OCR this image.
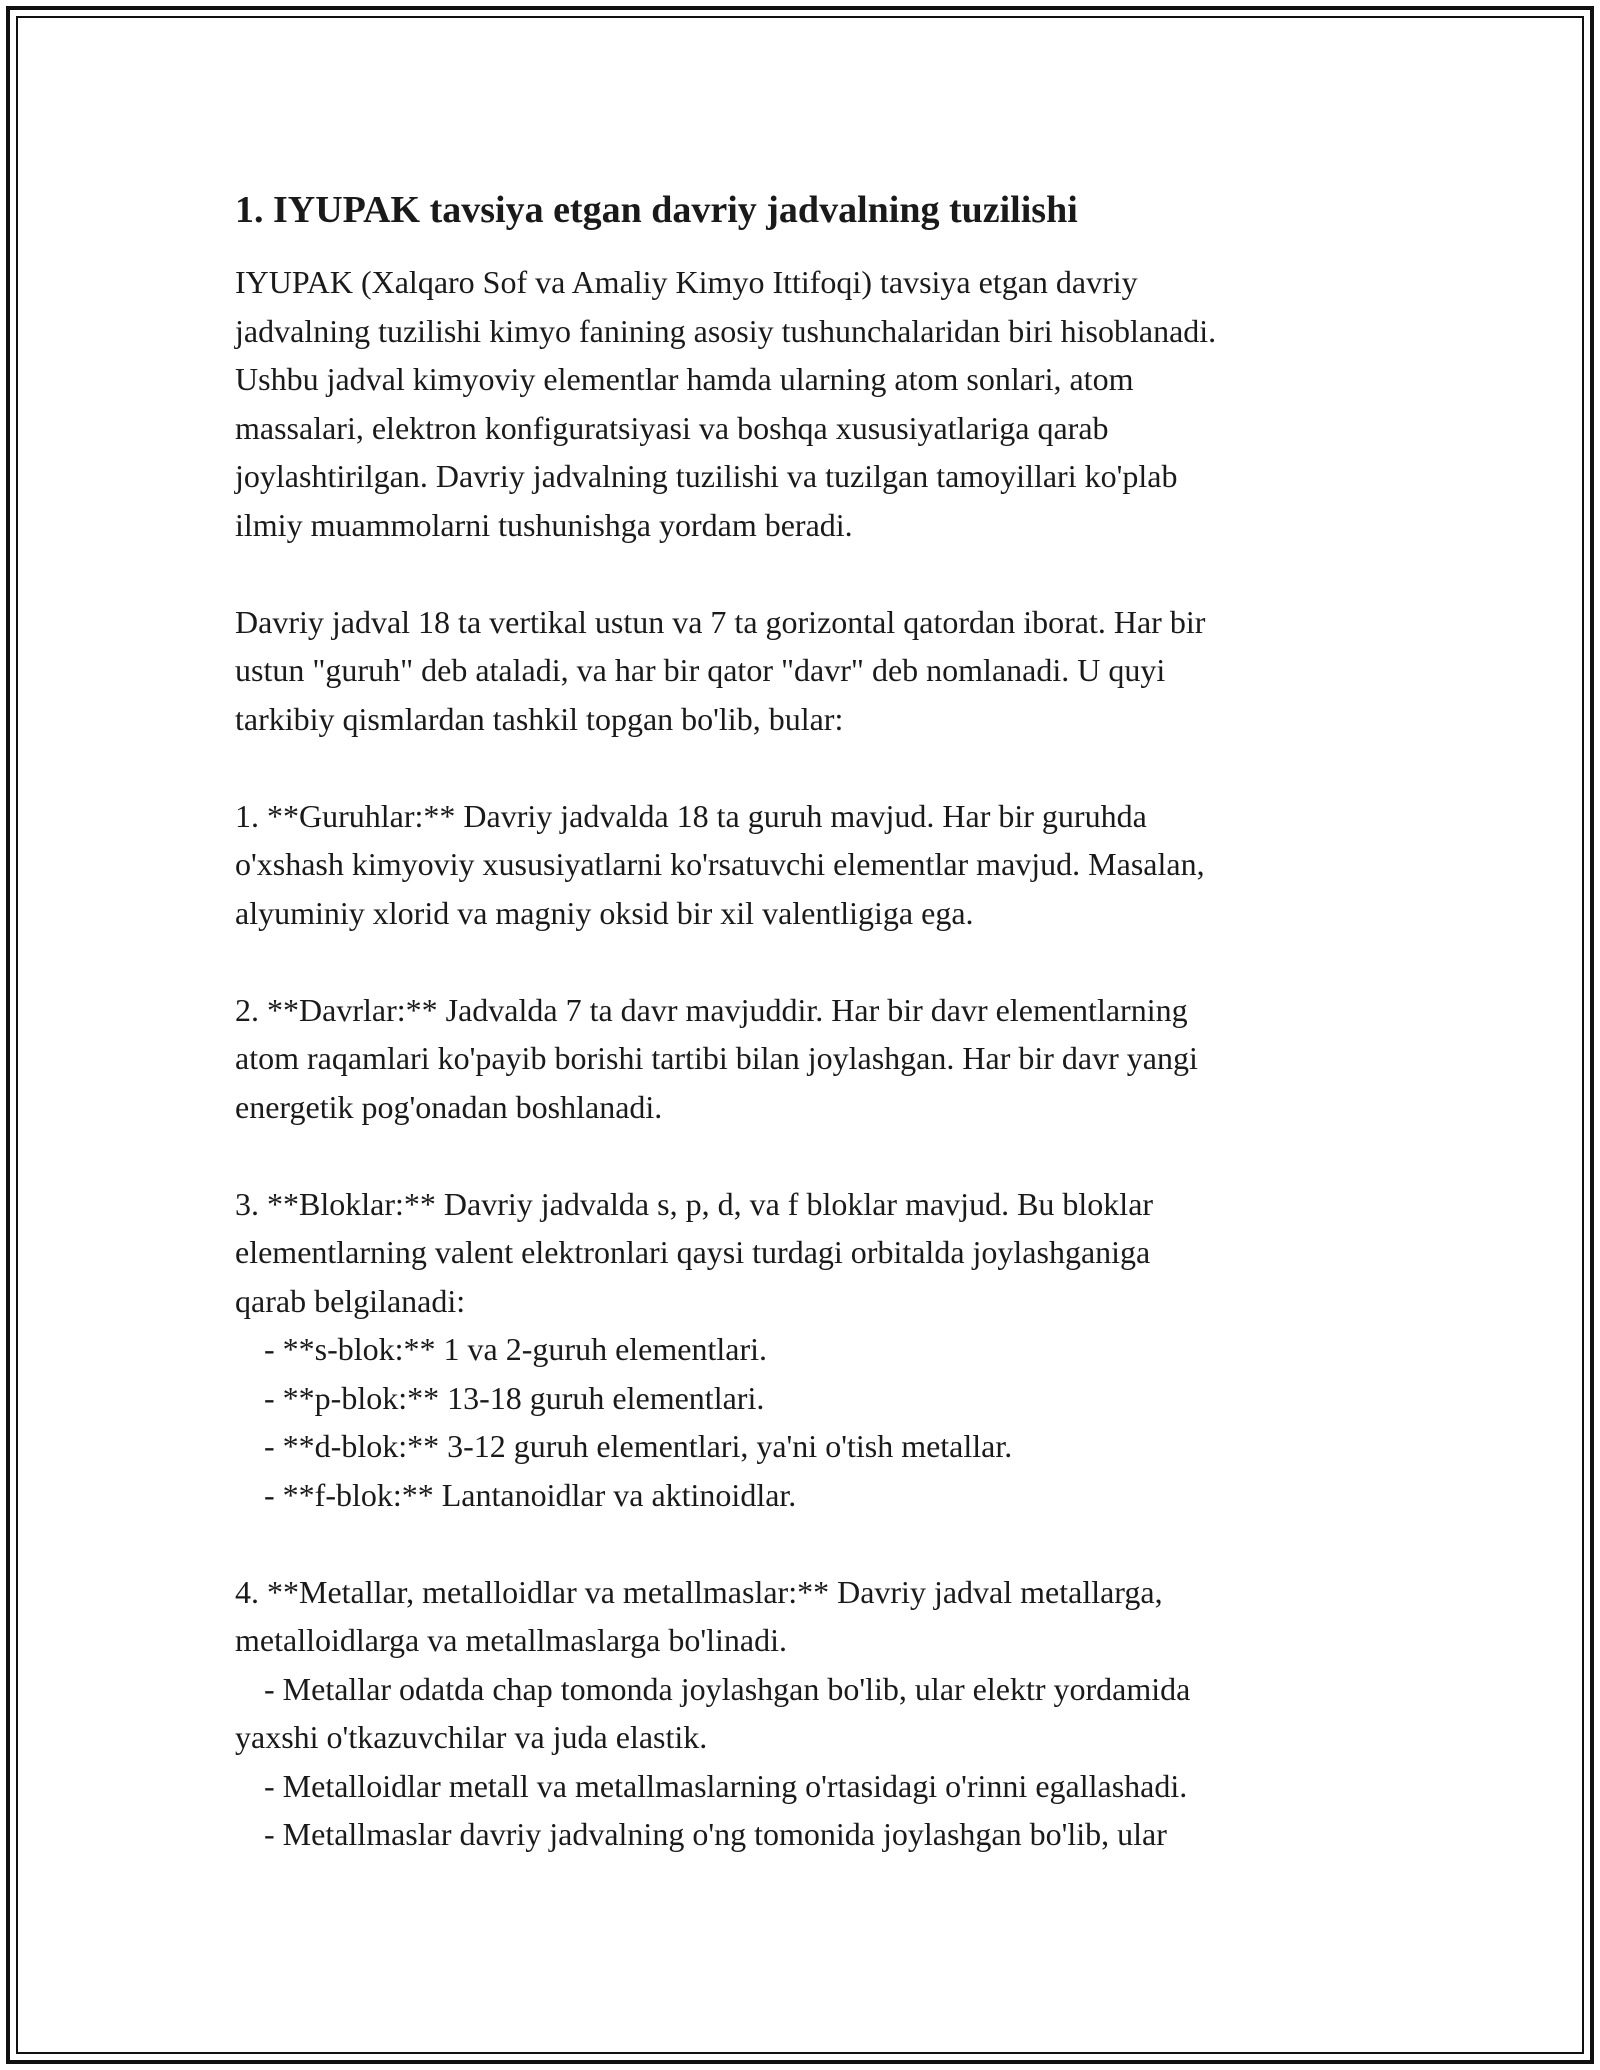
1. IYUPAK tavsiya etgan davriy jadvalning tuzilishi

IYUPAK (Xalqaro Sof va Amaliy Kimyo Ittifoqi) tavsiya etgan davriy

jadvalning tuzilishi kimyo fanining asosiy tushunchalaridan biri hisoblanadi.

Ushbu jadval kimyoviy elementlar hamda ularning atom sonlari, atom

massalari, elektron konfiguratsiyasi va boshqa xususiyatlariga qarab

joylashtirilgan. Davriy jadvalning tuzilishi va tuzilgan tamoyillari ko'plab

ilmiy muammolarni tushunishga yordam beradi.

Davriy jadval 18 ta vertikal ustun va 7 ta gorizontal qatordan iborat. Har bir

ustun "guruh" deb ataladi, va har bir qator "davr" deb nomlanadi. U quyi

tarkibiy qismlardan tashkil topgan bo'lib, bular:

1. **Guruhlar:** Davriy jadvalda 18 ta guruh mavjud. Har bir guruhda

o'xshash kimyoviy xususiyatlarni ko'rsatuvchi elementlar mavjud. Masalan,

alyuminiy xlorid va magniy oksid bir xil valentligiga ega.

2. **Davrlar:** Jadvalda 7 ta davr mavjuddir. Har bir davr elementlarning

atom raqamlari ko'payib borishi tartibi bilan joylashgan. Har bir davr yangi

energetik pog'onadan boshlanadi.

3. **Bloklar:** Davriy jadvalda s, p, d, va f bloklar mavjud. Bu bloklar

elementlarning valent elektronlari qaysi turdagi orbitalda joylashganiga

qarab belgilanadi:

- **s-blok:** 1 va 2-guruh elementlari.

- **p-blok:** 13-18 guruh elementlari.

- **d-blok:** 3-12 guruh elementlari, ya'ni o'tish metallar.

- **f-blok:** Lantanoidlar va aktinoidlar.

4. **Metallar, metalloidlar va metallmaslar:** Davriy jadval metallarga,

metalloidlarga va metallmaslarga bo'linadi.

- Metallar odatda chap tomonda joylashgan bo'lib, ular elektr yordamida

yaxshi o'tkazuvchilar va juda elastik.

- Metalloidlar metall va metallmaslarning o'rtasidagi o'rinni egallashadi.

- Metallmaslar davriy jadvalning o'ng tomonida joylashgan bo'lib, ular
